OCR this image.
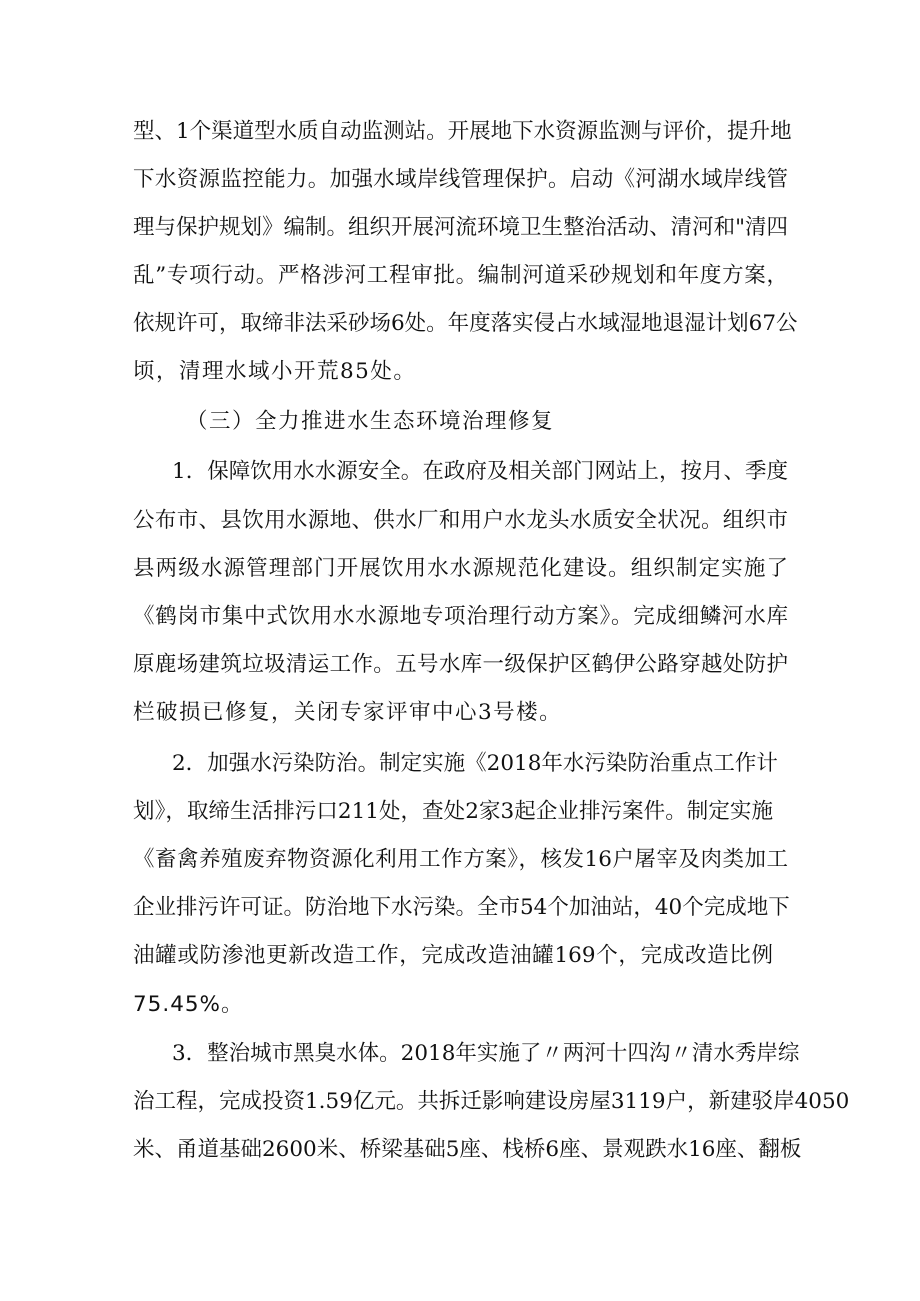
型、1个渠道型水质自动监测站。开展地下水资源监测与评价，提升地
下水资源监控能力。加强水域岸线管理保护。启动《河湖水域岸线管
理与保护规划》编制。组织开展河流环境卫生整治活动、清河和"清四
乱”专项行动。严格涉河工程审批。编制河道采砂规划和年度方案，
依规许可，取缔非法采砂场6处。年度落实侵占水域湿地退湿计划67公
顷，清理水域小开荒85处。
（三）全力推进水生态环境治理修复
1．保障饮用水水源安全。在政府及相关部门网站上，按月、季度
公布市、县饮用水源地、供水厂和用户水龙头水质安全状况。组织市
县两级水源管理部门开展饮用水水源规范化建设。组织制定实施了
《鹤岗市集中式饮用水水源地专项治理行动方案》。完成细鳞河水库
原鹿场建筑垃圾清运工作。五号水库一级保护区鹤伊公路穿越处防护
栏破损已修复，关闭专家评审中心3号楼。
2．加强水污染防治。制定实施《2018年水污染防治重点工作计
划》，取缔生活排污口211处，查处2家3起企业排污案件。制定实施
《畜禽养殖废弃物资源化利用工作方案》，核发16户屠宰及肉类加工
企业排污许可证。防治地下水污染。全市54个加油站，40个完成地下
油罐或防渗池更新改造工作，完成改造油罐169个，完成改造比例
75.45%。
3．整治城市黑臭水体。2018年实施了〃两河十四沟〃清水秀岸综
治工程，完成投资1.59亿元。共拆迁影响建设房屋3119户，新建驳岸4050
米、甬道基础2600米、桥梁基础5座、栈桥6座、景观跌水16座、翻板
